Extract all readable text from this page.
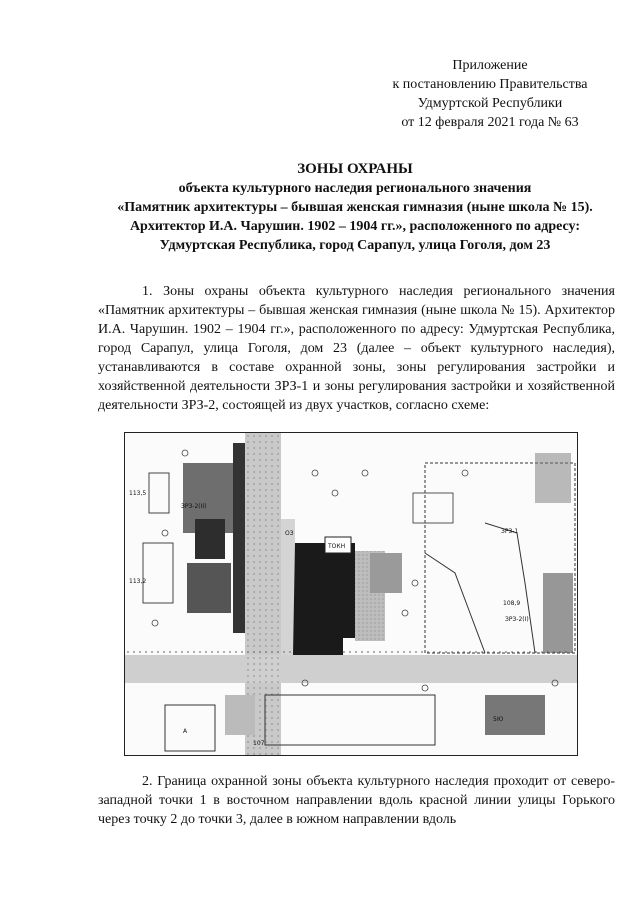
Приложение
к постановлению Правительства
Удмуртской Республики
от 12 февраля 2021 года № 63
ЗОНЫ ОХРАНЫ
объекта культурного наследия регионального значения
«Памятник архитектуры – бывшая женская гимназия (ныне школа № 15).
Архитектор И.А. Чарушин. 1902 – 1904 гг.», расположенного по адресу:
Удмуртская Республика, город Сарапул, улица Гоголя, дом 23
1. Зоны охраны объекта культурного наследия регионального значения «Памятник архитектуры – бывшая женская гимназия (ныне школа № 15). Архитектор И.А. Чарушин. 1902 – 1904 гг.», расположенного по адресу: Удмуртская Республика, город Сарапул, улица Гоголя, дом 23 (далее – объект культурного наследия), устанавливаются в составе охранной зоны, зоны регулирования застройки и хозяйственной деятельности ЗРЗ-1 и зоны регулирования застройки и хозяйственной деятельности ЗРЗ-2, состоящей из двух участков, согласно схеме:
ЗРЗ-1
ЗРЗ-2(I)
ЗРЗ-2(II)
ТОКН
ОЗ
108,9
113,5
113,2
107
5Ю
А
2. Граница охранной зоны объекта культурного наследия проходит от северо-западной точки 1 в восточном направлении вдоль красной линии улицы Горького через точку 2 до точки 3, далее в южном направлении вдоль
